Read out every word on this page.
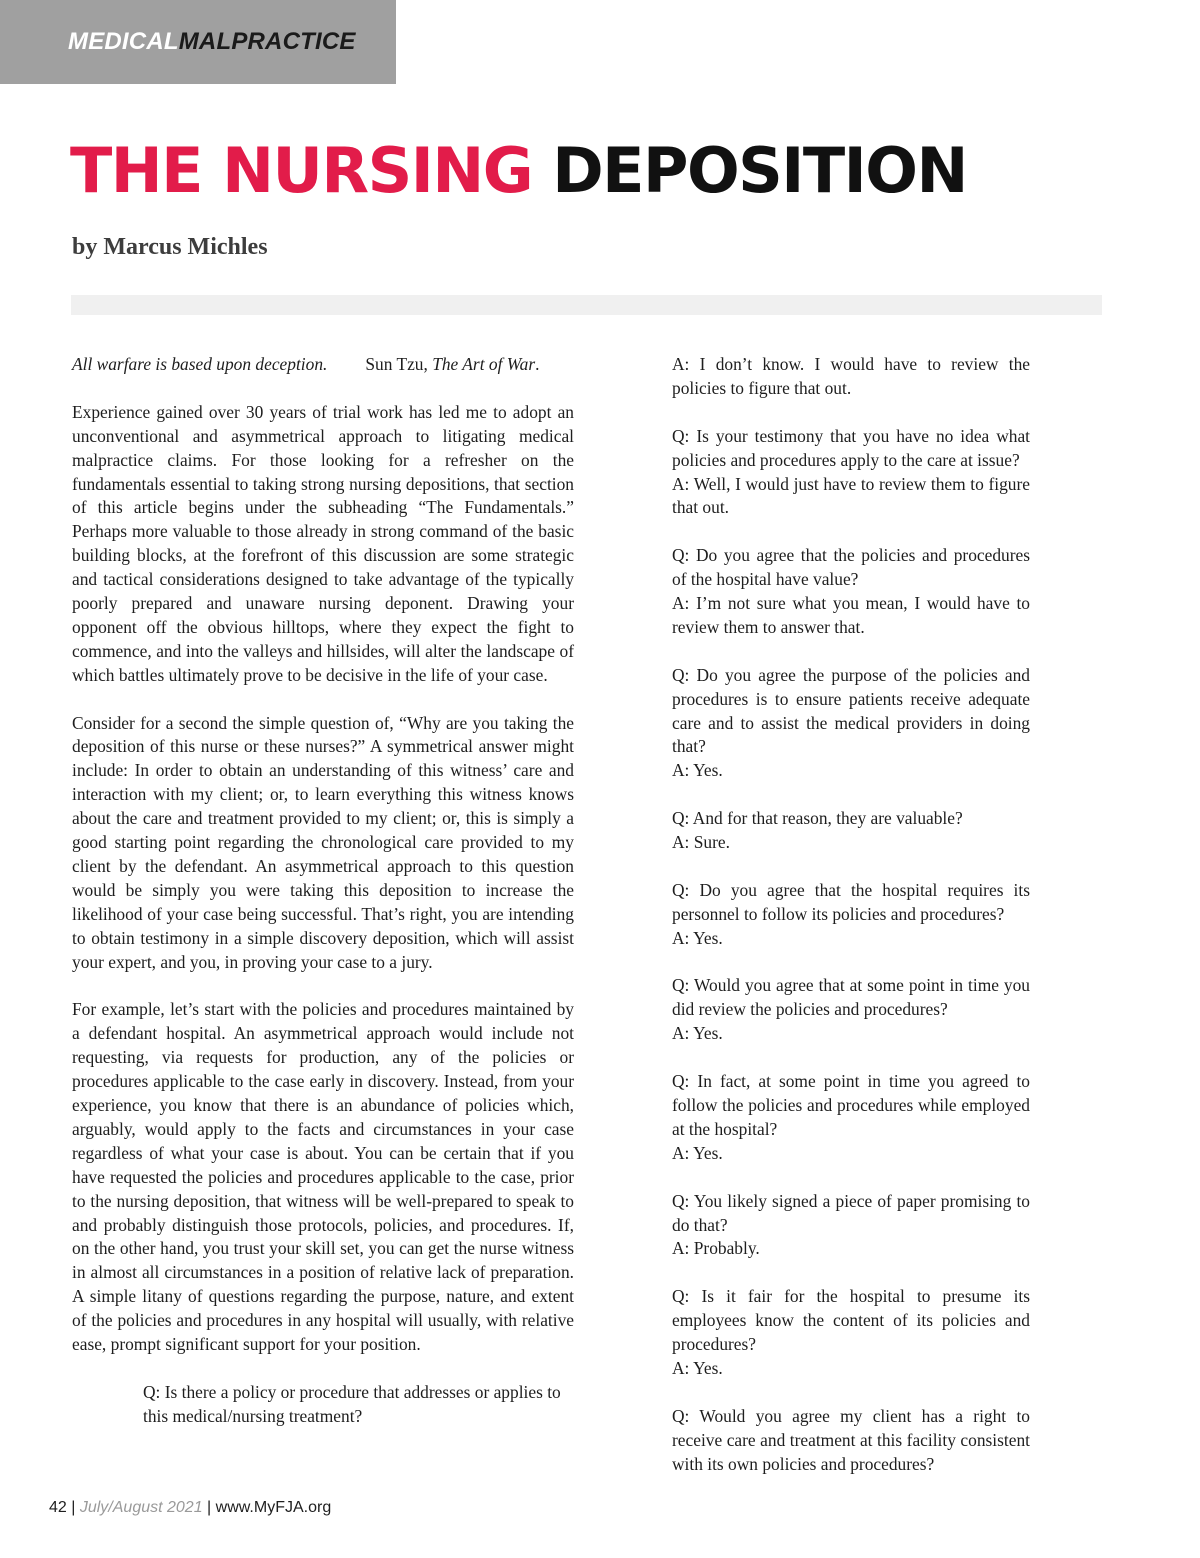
MEDICALMALPRACTICE
THE NURSING DEPOSITION
by Marcus Michles

All warfare is based upon deception. Sun Tzu, The Art of War.

Experience gained over 30 years of trial work has led me to adopt an unconventional and asymmetrical approach to litigating medical malpractice claims. For those looking for a refresher on the fundamentals essential to taking strong nursing depositions, that section of this article begins under the subheading “The Fundamentals.” Perhaps more valuable to those already in strong command of the basic building blocks, at the forefront of this discussion are some strategic and tactical considerations designed to take advantage of the typically poorly prepared and unaware nursing deponent. Drawing your opponent off the obvious hilltops, where they expect the fight to commence, and into the valleys and hillsides, will alter the landscape of which battles ultimately prove to be decisive in the life of your case.

Consider for a second the simple question of, “Why are you taking the deposition of this nurse or these nurses?” A symmetrical answer might include: In order to obtain an understanding of this witness’ care and interaction with my client; or, to learn everything this witness knows about the care and treatment provided to my client; or, this is simply a good starting point regarding the chronological care provided to my client by the defendant. An asymmetrical approach to this question would be simply you were taking this deposition to increase the likelihood of your case being successful. That’s right, you are intending to obtain testimony in a simple discovery deposition, which will assist your expert, and you, in proving your case to a jury.

For example, let’s start with the policies and procedures maintained by a defendant hospital. An asymmetrical approach would include not requesting, via requests for production, any of the policies or procedures applicable to the case early in discovery. Instead, from your experience, you know that there is an abundance of policies which, arguably, would apply to the facts and circumstances in your case regardless of what your case is about. You can be certain that if you have requested the policies and procedures applicable to the case, prior to the nursing deposition, that witness will be well-prepared to speak to and probably distinguish those protocols, policies, and procedures. If, on the other hand, you trust your skill set, you can get the nurse witness in almost all circumstances in a position of relative lack of preparation. A simple litany of questions regarding the purpose, nature, and extent of the policies and procedures in any hospital will usually, with relative ease, prompt significant support for your position.

Q: Is there a policy or procedure that addresses or applies to this medical/nursing treatment?

A: I don’t know. I would have to review the policies to figure that out.
Q: Is your testimony that you have no idea what policies and procedures apply to the care at issue?
A: Well, I would just have to review them to figure that out.
Q: Do you agree that the policies and procedures of the hospital have value?
A: I’m not sure what you mean, I would have to review them to answer that.
Q: Do you agree the purpose of the policies and procedures is to ensure patients receive adequate care and to assist the medical providers in doing that?
A: Yes.
Q: And for that reason, they are valuable?
A: Sure.
Q: Do you agree that the hospital requires its personnel to follow its policies and procedures?
A: Yes.
Q: Would you agree that at some point in time you did review the policies and procedures?
A: Yes.
Q: In fact, at some point in time you agreed to follow the policies and procedures while employed at the hospital?
A: Yes.
Q: You likely signed a piece of paper promising to do that?
A: Probably.
Q: Is it fair for the hospital to presume its employees know the content of its policies and procedures?
A: Yes.
Q: Would you agree my client has a right to receive care and treatment at this facility consistent with its own policies and procedures?
42 | July/August 2021 | www.MyFJA.org
